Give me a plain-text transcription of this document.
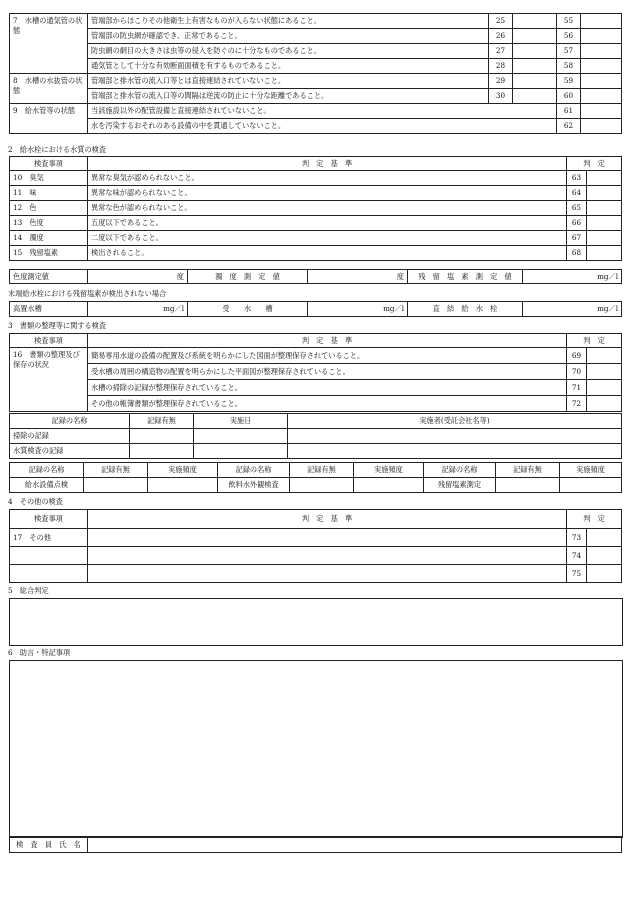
7　水槽の通気管の状態	管端部からほこりその他衛生上有害なものが入らない状態にあること。	25		55	
	管端部の防虫網が確認でき、正常であること。	26		56	
	防虫網の網目の大きさは虫等の侵入を防ぐのに十分なものであること。	27		57	
	通気管として十分な有効断面面積を有するものであること。	28		58	
8　水槽の水抜管の状態	管端部と排水管の流入口等とは直接連結されていないこと。	29		59	
	管端部と排水管の流入口等の間隔は逆流の防止に十分な距離であること。	30		60	
9　給水管等の状態	当該施設以外の配管設備と直接連結されていないこと。			61	
	水を汚染するおそれのある設備の中を貫通していないこと。			62	
2　給水栓における水質の検査
検査事項	判　定　基　準	判　定	
10　臭気	異常な臭気が認められないこと。	63	
11　味	異常な味が認められないこと。	64	
12　色	異常な色が認められないこと。	65	
13　色度	五度以下であること。	66	
14　濁度	二度以下であること。	67	
15　残留塩素	検出されること。	68	
色度測定値	度	濁　度　測　定　値	度	残　留　塩　素　測　定　値	mg／l
末端給水栓における残留塩素が検出されない場合
高置水槽	mg／l	受　　水　　槽	mg／l	直　結　給　水　栓	mg／l
3　書類の整理等に関する検査
検査事項	判　定　基　準	判　定	
16　書類の整理及び保存の状況	簡易専用水道の設備の配置及び系統を明らかにした図面が整理保存されていること。	69	
	受水槽の周囲の構造物の配置を明らかにした平面図が整理保存されていること。	70	
	水槽の掃除の記録が整理保存されていること。	71	
	その他の帳簿書類が整理保存されていること。	72	
記録の名称	記録有無	実施日	実施者(受託会社名等)
掃除の記録			
水質検査の記録			
記録の名称	記録有無	実施頻度	記録の名称	記録有無	実施頻度	記録の名称	記録有無	実施頻度
給水設備点検			飲料水外観検査			残留塩素測定		
4　その他の検査
検査事項	判　定　基　準	判　定	
17　その他		73	
		74	
		75	
5　総合判定
6　助言・特記事項
検　査　員　氏　名	
